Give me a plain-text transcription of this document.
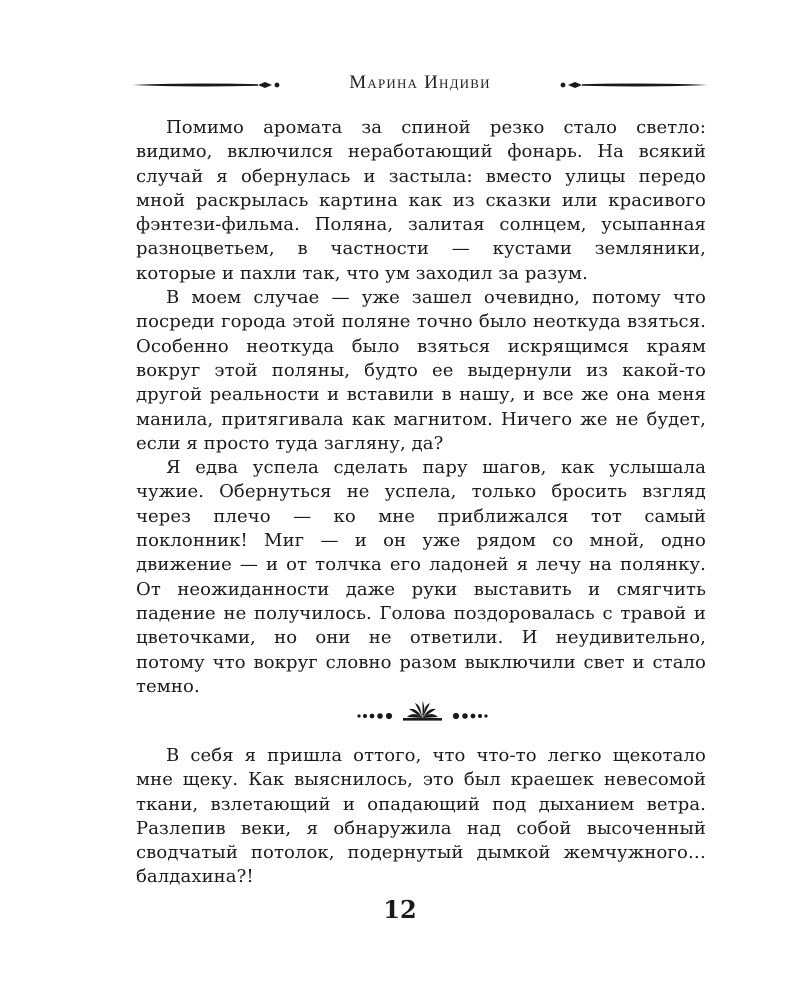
Марина Индиви

Помимо аромата за спиной резко стало светло: видимо, включился неработающий фонарь. На всякий случай я обернулась и застыла: вместо улицы передо мной раскрылась картина как из сказки или красивого фэнтези-фильма. Поляна, залитая солнцем, усыпанная разноцветьем, в частности — кустами земляники, которые и пахли так, что ум заходил за разум.

В моем случае — уже зашел очевидно, потому что посреди города этой поляне точно было неоткуда взяться. Особенно неоткуда было взяться искрящимся краям вокруг этой поляны, будто ее выдернули из какой-то другой реальности и вставили в нашу, и все же она меня манила, притягивала как магнитом. Ничего же не будет, если я просто туда загляну, да?

Я едва успела сделать пару шагов, как услышала чужие. Обернуться не успела, только бросить взгляд через плечо — ко мне приближался тот самый поклонник! Миг — и он уже рядом со мной, одно движение — и от толчка его ладоней я лечу на полянку. От неожиданности даже руки выставить и смягчить падение не получилось. Голова поздоровалась с травой и цветочками, но они не ответили. И неудивительно, потому что вокруг словно разом выключили свет и стало темно.

В себя я пришла оттого, что что-то легко щекотало мне щеку. Как выяснилось, это был краешек невесомой ткани, взлетающий и опадающий под дыханием ветра. Разлепив веки, я обнаружила над собой высоченный сводчатый потолок, подернутый дымкой жемчужного… балдахина?!

12
